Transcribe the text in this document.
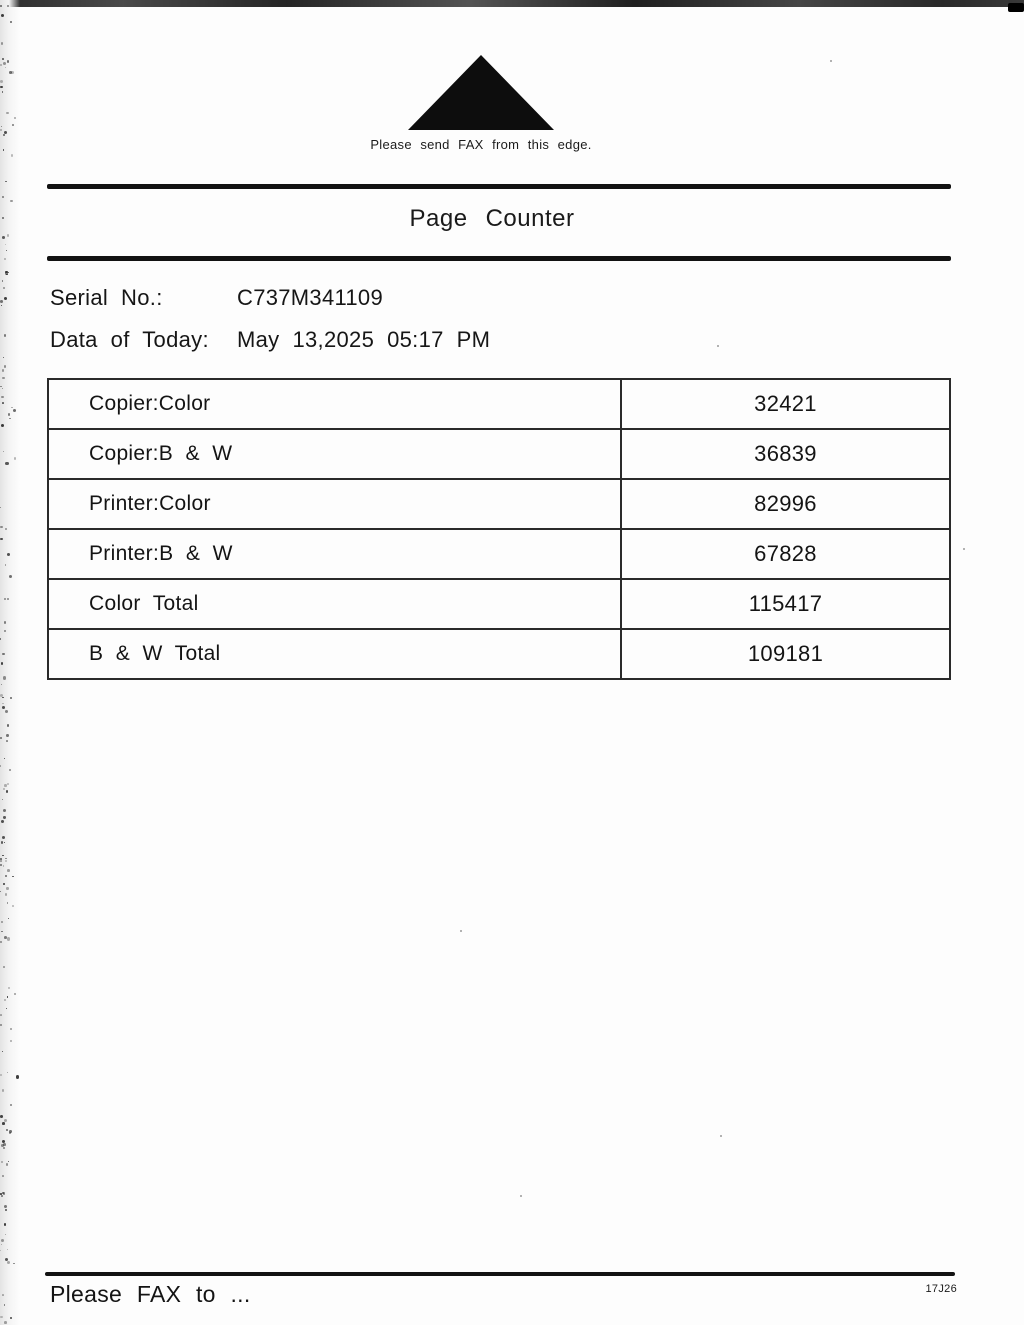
Please send FAX from this edge.
Page Counter
Serial No.:	C737M341109
Data of Today:	May 13,2025 05:17 PM
Copier:Color	32421
Copier:B & W	36839
Printer:Color	82996
Printer:B & W	67828
Color Total	115417
B & W Total	109181
Please FAX to ...	17J26
